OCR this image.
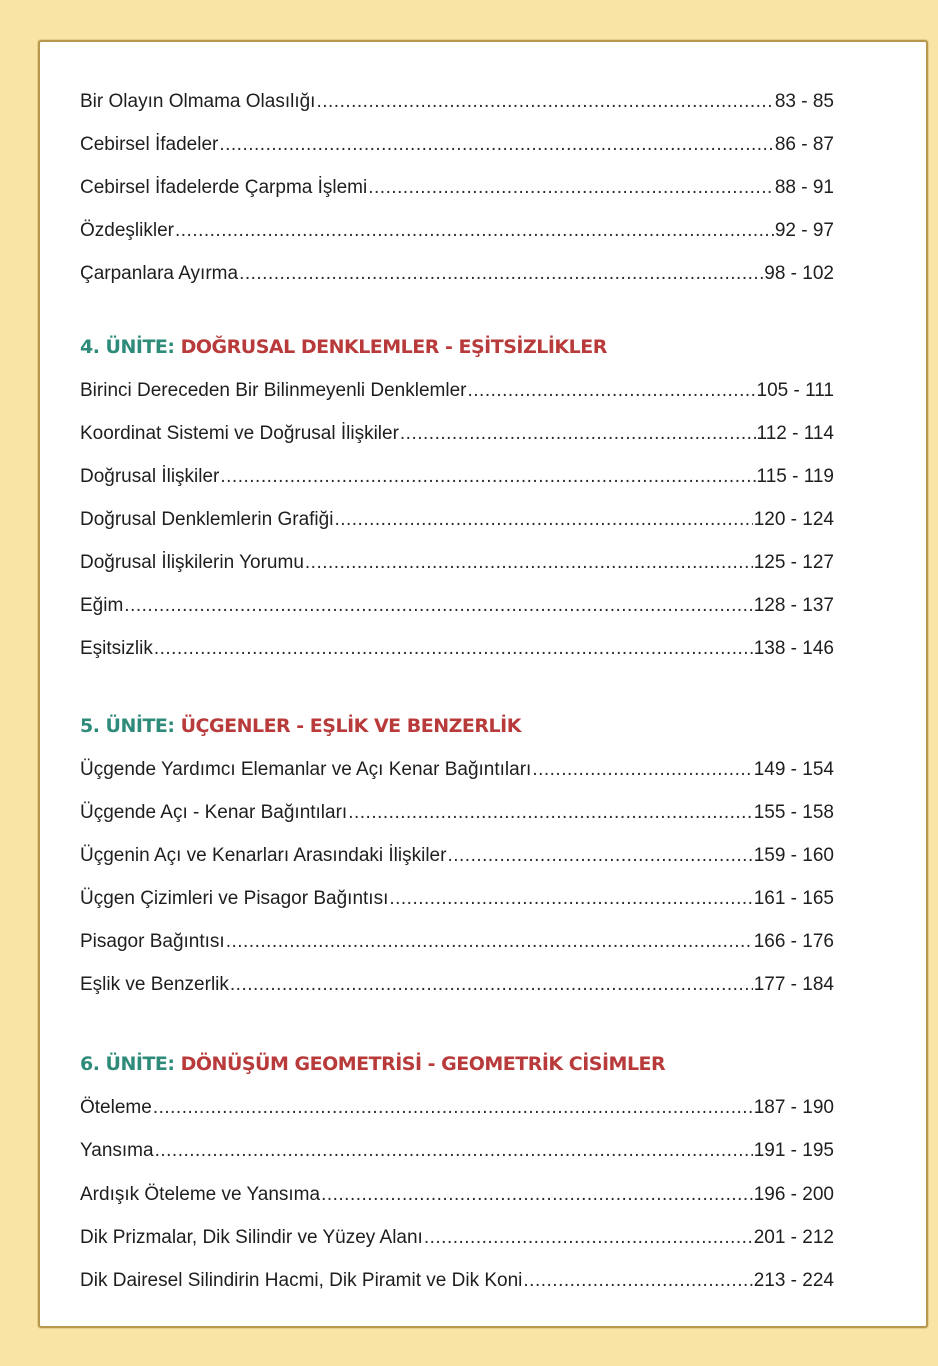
Bir Olayın Olmama Olasılığı .....	83 - 85
Cebirsel İfadeler .....	86 - 87
Cebirsel İfadelerde Çarpma İşlemi .....	88 - 91
Özdeşlikler .....	92 - 97
Çarpanlara Ayırma .....	98 - 102
4. ÜNİTE: DOĞRUSAL DENKLEMLER - EŞİTSİZLİKLER
Birinci Dereceden Bir Bilinmeyenli Denklemler .....	105 - 111
Koordinat Sistemi ve Doğrusal İlişkiler .....	112 - 114
Doğrusal İlişkiler .....	115 - 119
Doğrusal Denklemlerin Grafiği .....	120 - 124
Doğrusal İlişkilerin Yorumu .....	125 - 127
Eğim .....	128 - 137
Eşitsizlik .....	138 - 146
5. ÜNİTE: ÜÇGENLER - EŞLİK VE BENZERLİK
Üçgende Yardımcı Elemanlar ve Açı Kenar Bağıntıları .....	149 - 154
Üçgende Açı - Kenar Bağıntıları .....	155 - 158
Üçgenin Açı ve Kenarları Arasındaki İlişkiler .....	159 - 160
Üçgen Çizimleri ve Pisagor Bağıntısı .....	161 - 165
Pisagor Bağıntısı .....	166 - 176
Eşlik ve Benzerlik .....	177 - 184
6. ÜNİTE: DÖNÜŞÜM GEOMETRİSİ - GEOMETRİK CİSİMLER
Öteleme .....	187 - 190
Yansıma .....	191 - 195
Ardışık Öteleme ve Yansıma .....	196 - 200
Dik Prizmalar, Dik Silindir ve Yüzey Alanı .....	201 - 212
Dik Dairesel Silindirin Hacmi, Dik Piramit ve Dik Koni .....	213 - 224
